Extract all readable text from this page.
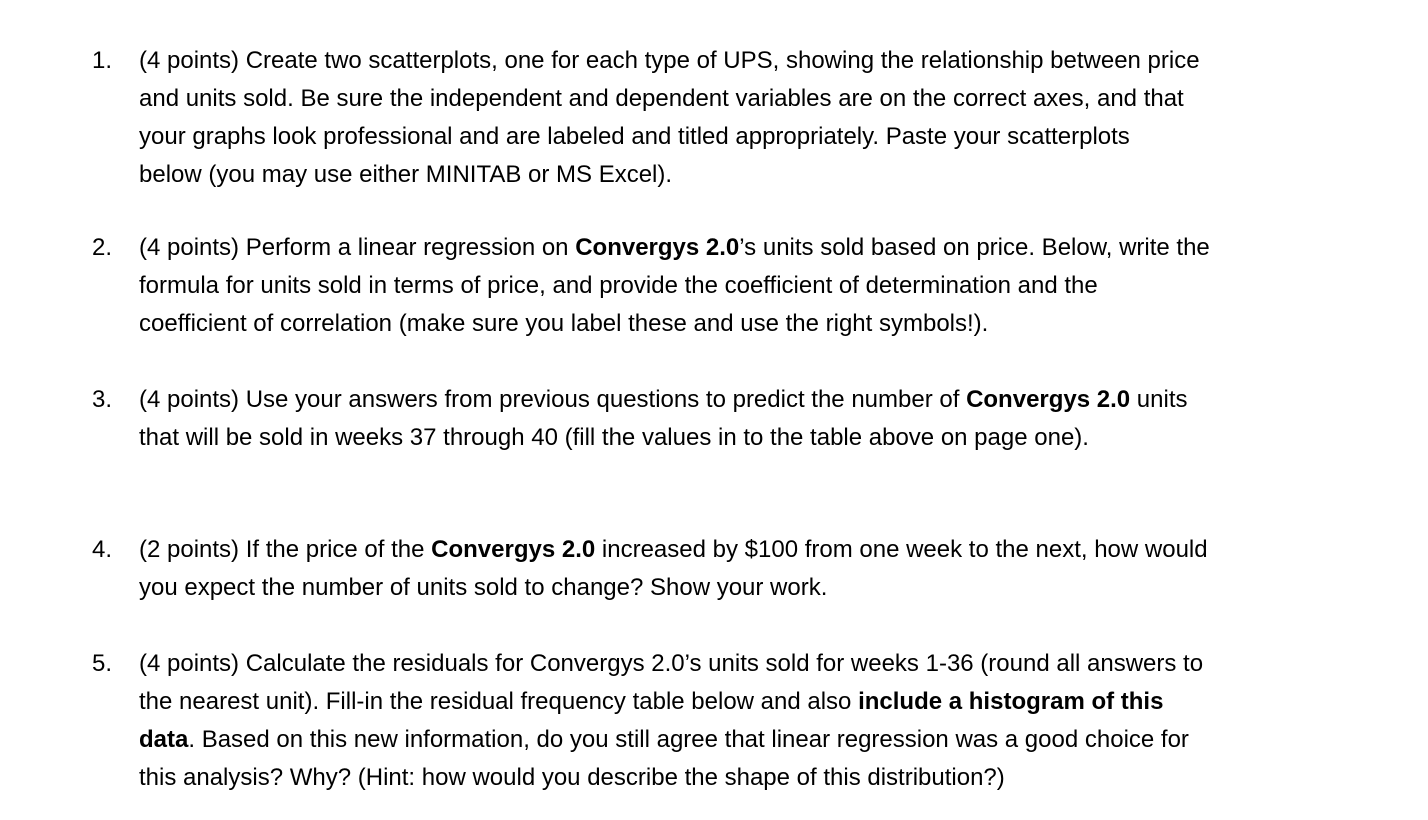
1. (4 points) Create two scatterplots, one for each type of UPS, showing the relationship between price

and units sold. Be sure the independent and dependent variables are on the correct axes, and that

your graphs look professional and are labeled and titled appropriately. Paste your scatterplots

below (you may use either MINITAB or MS Excel).

2. (4 points) Perform a linear regression on Convergys 2.0’s units sold based on price. Below, write the

formula for units sold in terms of price, and provide the coefficient of determination and the

coefficient of correlation (make sure you label these and use the right symbols!).

3. (4 points) Use your answers from previous questions to predict the number of Convergys 2.0 units

that will be sold in weeks 37 through 40 (fill the values in to the table above on page one).

4. (2 points) If the price of the Convergys 2.0 increased by $100 from one week to the next, how would

you expect the number of units sold to change? Show your work.

5. (4 points) Calculate the residuals for Convergys 2.0’s units sold for weeks 1-36 (round all answers to

the nearest unit). Fill-in the residual frequency table below and also include a histogram of this

data. Based on this new information, do you still agree that linear regression was a good choice for

this analysis? Why? (Hint: how would you describe the shape of this distribution?)
